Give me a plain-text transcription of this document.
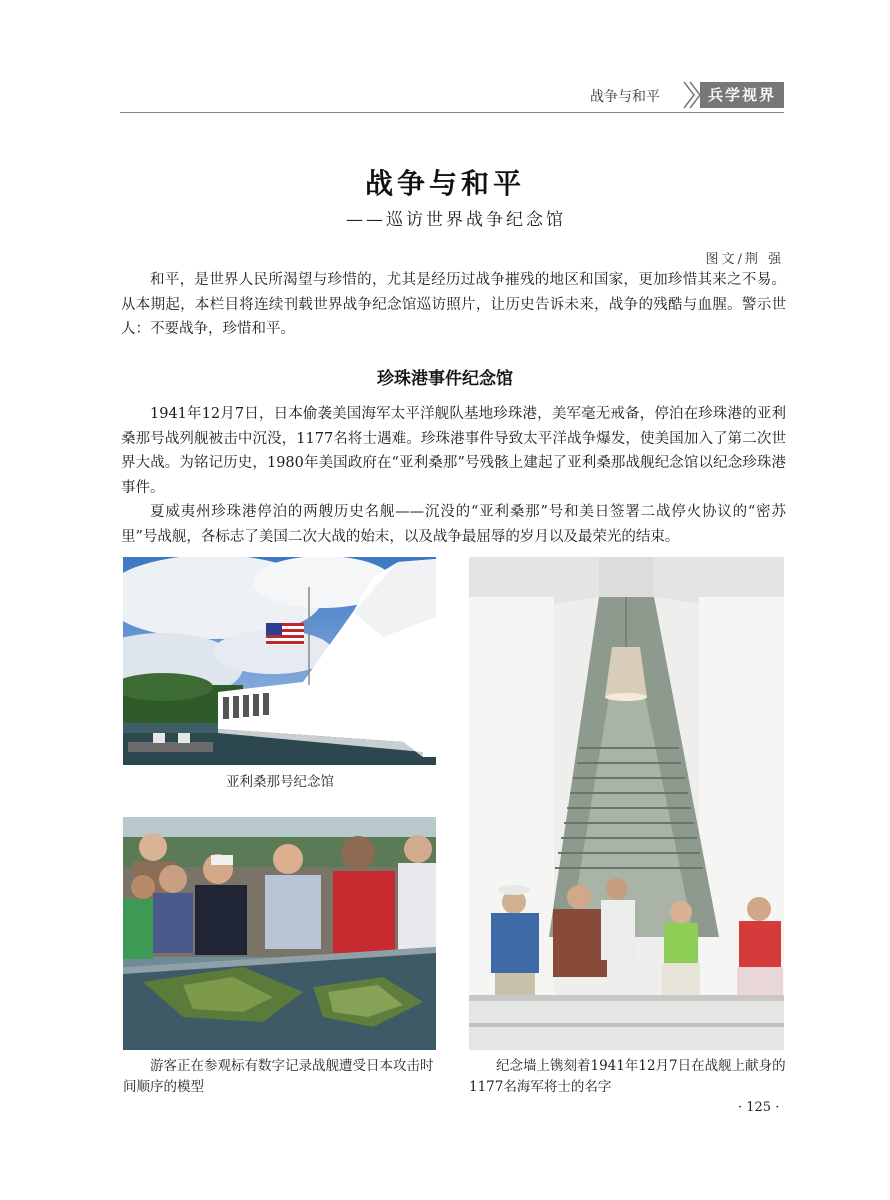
战争与和平	兵学视界
战争与和平
——巡访世界战争纪念馆
图文/荆 强
和平，是世界人民所渴望与珍惜的，尤其是经历过战争摧残的地区和国家，更加珍惜其来之不易。从本期起，本栏目将连续刊载世界战争纪念馆巡访照片，让历史告诉未来，战争的残酷与血腥。警示世人：不要战争，珍惜和平。
珍珠港事件纪念馆
1941年12月7日，日本偷袭美国海军太平洋舰队基地珍珠港，美军毫无戒备，停泊在珍珠港的亚利桑那号战列舰被击中沉没，1177名将士遇难。珍珠港事件导致太平洋战争爆发，使美国加入了第二次世界大战。为铭记历史，1980年美国政府在“亚利桑那”号残骸上建起了亚利桑那战舰纪念馆以纪念珍珠港事件。
夏威夷州珍珠港停泊的两艘历史名舰——沉没的“亚利桑那”号和美日签署二战停火协议的“密苏里”号战舰，各标志了美国二次大战的始末，以及战争最屈辱的岁月以及最荣光的结束。
亚利桑那号纪念馆
游客正在参观标有数字记录战舰遭受日本攻击时间顺序的模型
纪念墙上镌刻着1941年12月7日在战舰上献身的1177名海军将士的名字
· 125 ·
